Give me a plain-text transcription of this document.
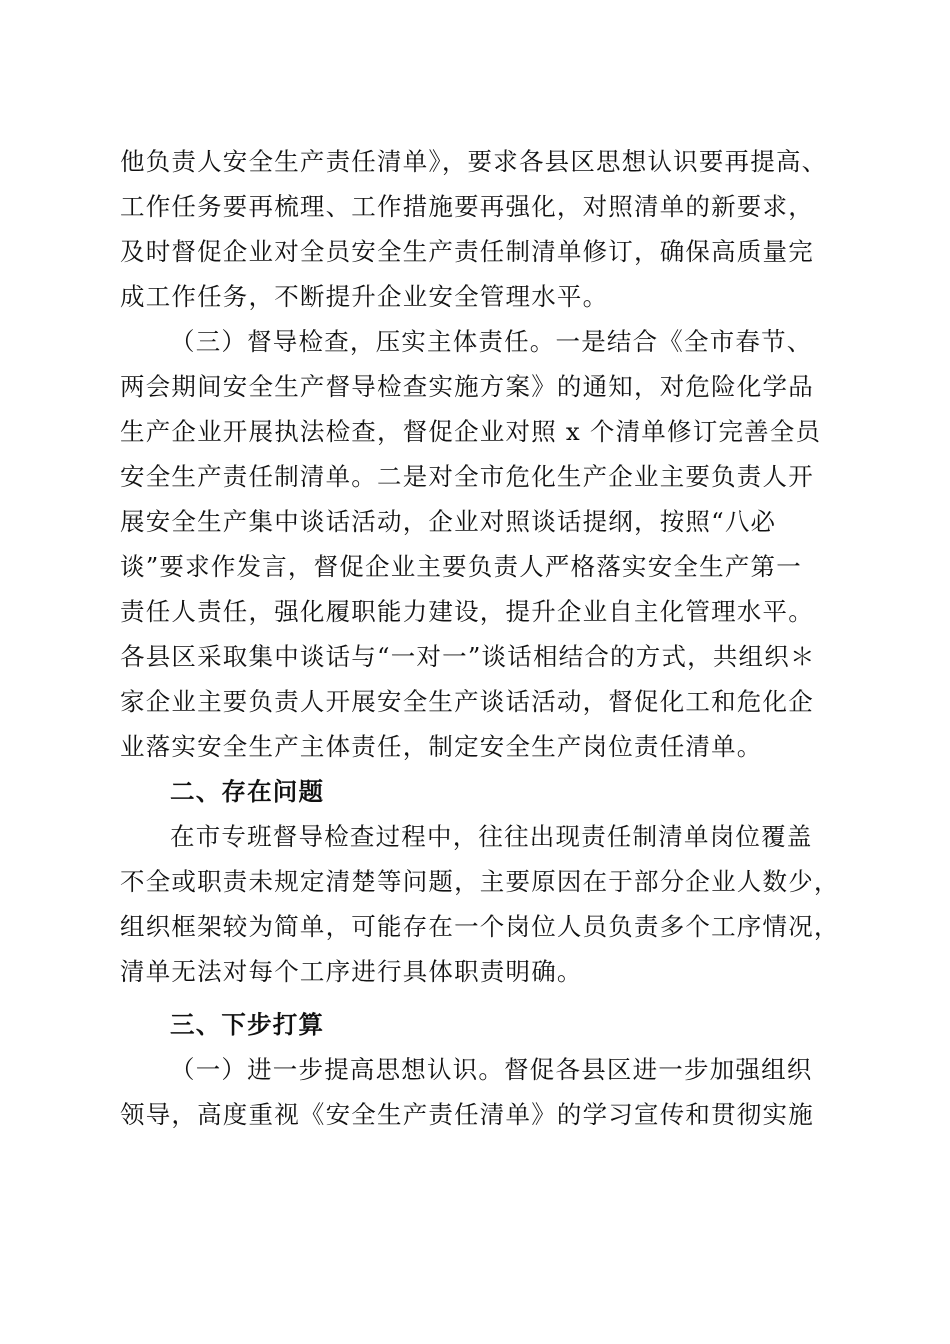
他负责人安全生产责任清单》，要求各县区思想认识要再提高、
工作任务要再梳理、工作措施要再强化，对照清单的新要求，
及时督促企业对全员安全生产责任制清单修订，确保高质量完
成工作任务，不断提升企业安全管理水平。
（三）督导检查，压实主体责任。一是结合《全市春节、
两会期间安全生产督导检查实施方案》的通知，对危险化学品
生产企业开展执法检查，督促企业对照 x 个清单修订完善全员
安全生产责任制清单。二是对全市危化生产企业主要负责人开
展安全生产集中谈话活动，企业对照谈话提纲，按照“八必
谈”要求作发言，督促企业主要负责人严格落实安全生产第一
责任人责任，强化履职能力建设，提升企业自主化管理水平。
各县区采取集中谈话与“一对一”谈话相结合的方式，共组织＊
家企业主要负责人开展安全生产谈话活动，督促化工和危化企
业落实安全生产主体责任，制定安全生产岗位责任清单。
二、存在问题
在市专班督导检查过程中，往往出现责任制清单岗位覆盖
不全或职责未规定清楚等问题，主要原因在于部分企业人数少，
组织框架较为简单，可能存在一个岗位人员负责多个工序情况，
清单无法对每个工序进行具体职责明确。
三、下步打算
（一）进一步提高思想认识。督促各县区进一步加强组织
领导，高度重视《安全生产责任清单》的学习宣传和贯彻实施
